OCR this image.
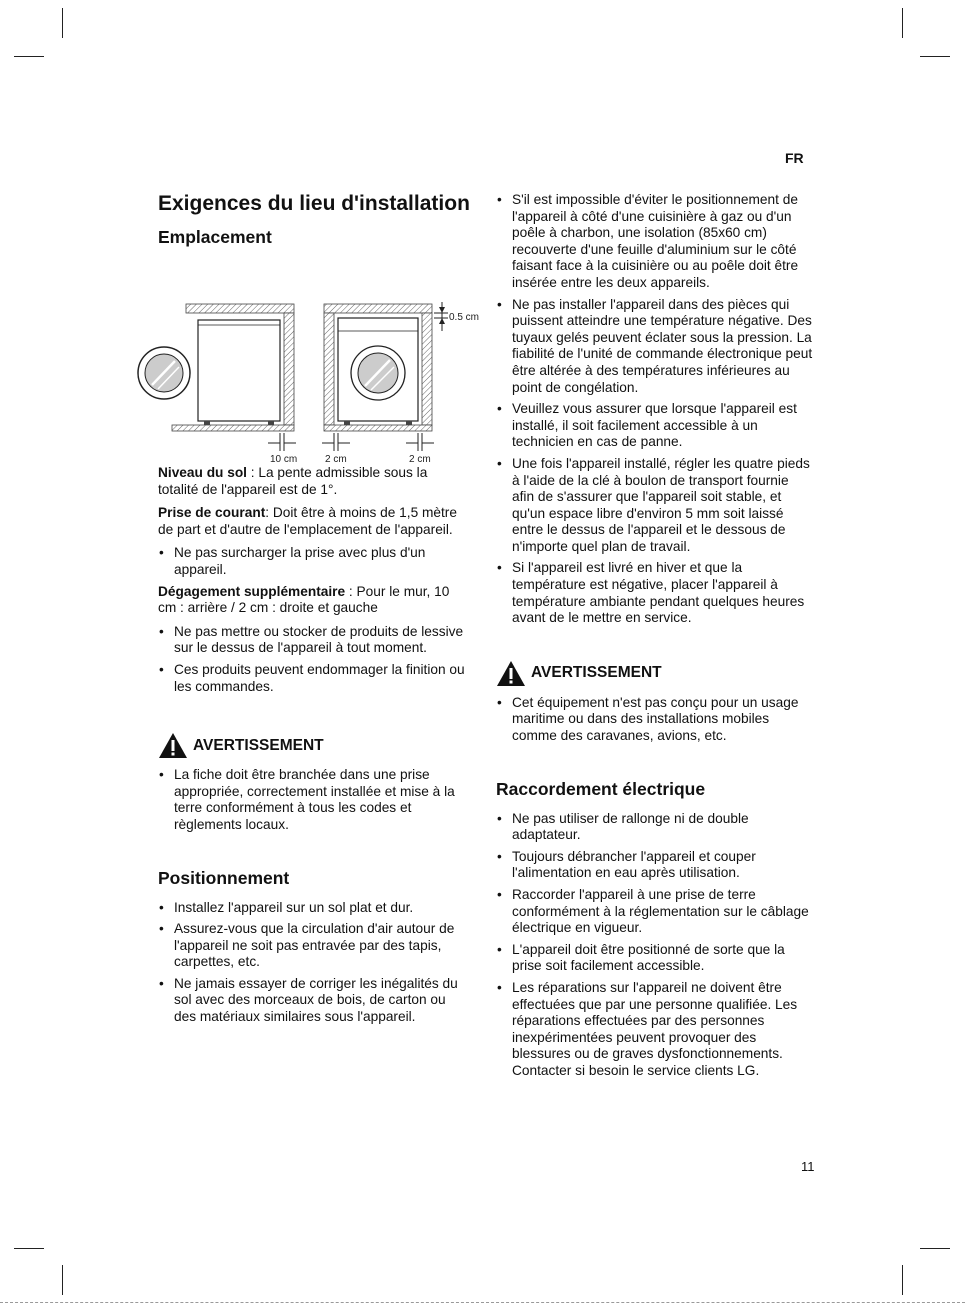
FR
11
0.5 cm
10 cm	2 cm	2 cm
Exigences du lieu d'installation
Emplacement

Niveau du sol : La pente admissible sous la totalité de l'appareil est de 1°.

Prise de courant: Doit être à moins de 1,5 mètre de part et d'autre de l'emplacement de l'appareil.

• Ne pas surcharger la prise avec plus d'un appareil.

Dégagement supplémentaire : Pour le mur, 10 cm : arrière / 2 cm : droite et gauche

• Ne pas mettre ou stocker de produits de lessive sur le dessus de l'appareil à tout moment.
• Ces produits peuvent endommager la finition ou les commandes.
AVERTISSEMENT
• La fiche doit être branchée dans une prise appropriée, correctement installée et mise à la terre conformément à tous les codes et règlements locaux.
Positionnement
• Installez l'appareil sur un sol plat et dur.
• Assurez-vous que la circulation d'air autour de l'appareil ne soit pas entravée par des tapis, carpettes, etc.
• Ne jamais essayer de corriger les inégalités du sol avec des morceaux de bois, de carton ou des matériaux similaires sous l'appareil.
• S'il est impossible d'éviter le positionnement de l'appareil à côté d'une cuisinière à gaz ou d'un poêle à charbon, une isolation (85x60 cm) recouverte d'une feuille d'aluminium sur le côté faisant face à la cuisinière ou au poêle doit être insérée entre les deux appareils.
• Ne pas installer l'appareil dans des pièces qui puissent atteindre une température négative. Des tuyaux gelés peuvent éclater sous la pression. La fiabilité de l'unité de commande électronique peut être altérée à des températures inférieures au point de congélation.
• Veuillez vous assurer que lorsque l'appareil est installé, il soit facilement accessible à un technicien en cas de panne.
• Une fois l'appareil installé, régler les quatre pieds à l'aide de la clé à boulon de transport fournie afin de s'assurer que l'appareil soit stable, et qu'un espace libre d'environ 5 mm soit laissé entre le dessus de l'appareil et le dessous de n'importe quel plan de travail.
• Si l'appareil est livré en hiver et que la température est négative, placer l'appareil à température ambiante pendant quelques heures avant de le mettre en service.
AVERTISSEMENT
• Cet équipement n'est pas conçu pour un usage maritime ou dans des installations mobiles comme des caravanes, avions, etc.
Raccordement électrique
• Ne pas utiliser de rallonge ni de double adaptateur.
• Toujours débrancher l'appareil et couper l'alimentation en eau après utilisation.
• Raccorder l'appareil à une prise de terre conformément à la réglementation sur le câblage électrique en vigueur.
• L'appareil doit être positionné de sorte que la prise soit facilement accessible.
• Les réparations sur l'appareil ne doivent être effectuées que par une personne qualifiée. Les réparations effectuées par des personnes inexpérimentées peuvent provoquer des blessures ou de graves dysfonctionnements. Contacter si besoin le service clients LG.
